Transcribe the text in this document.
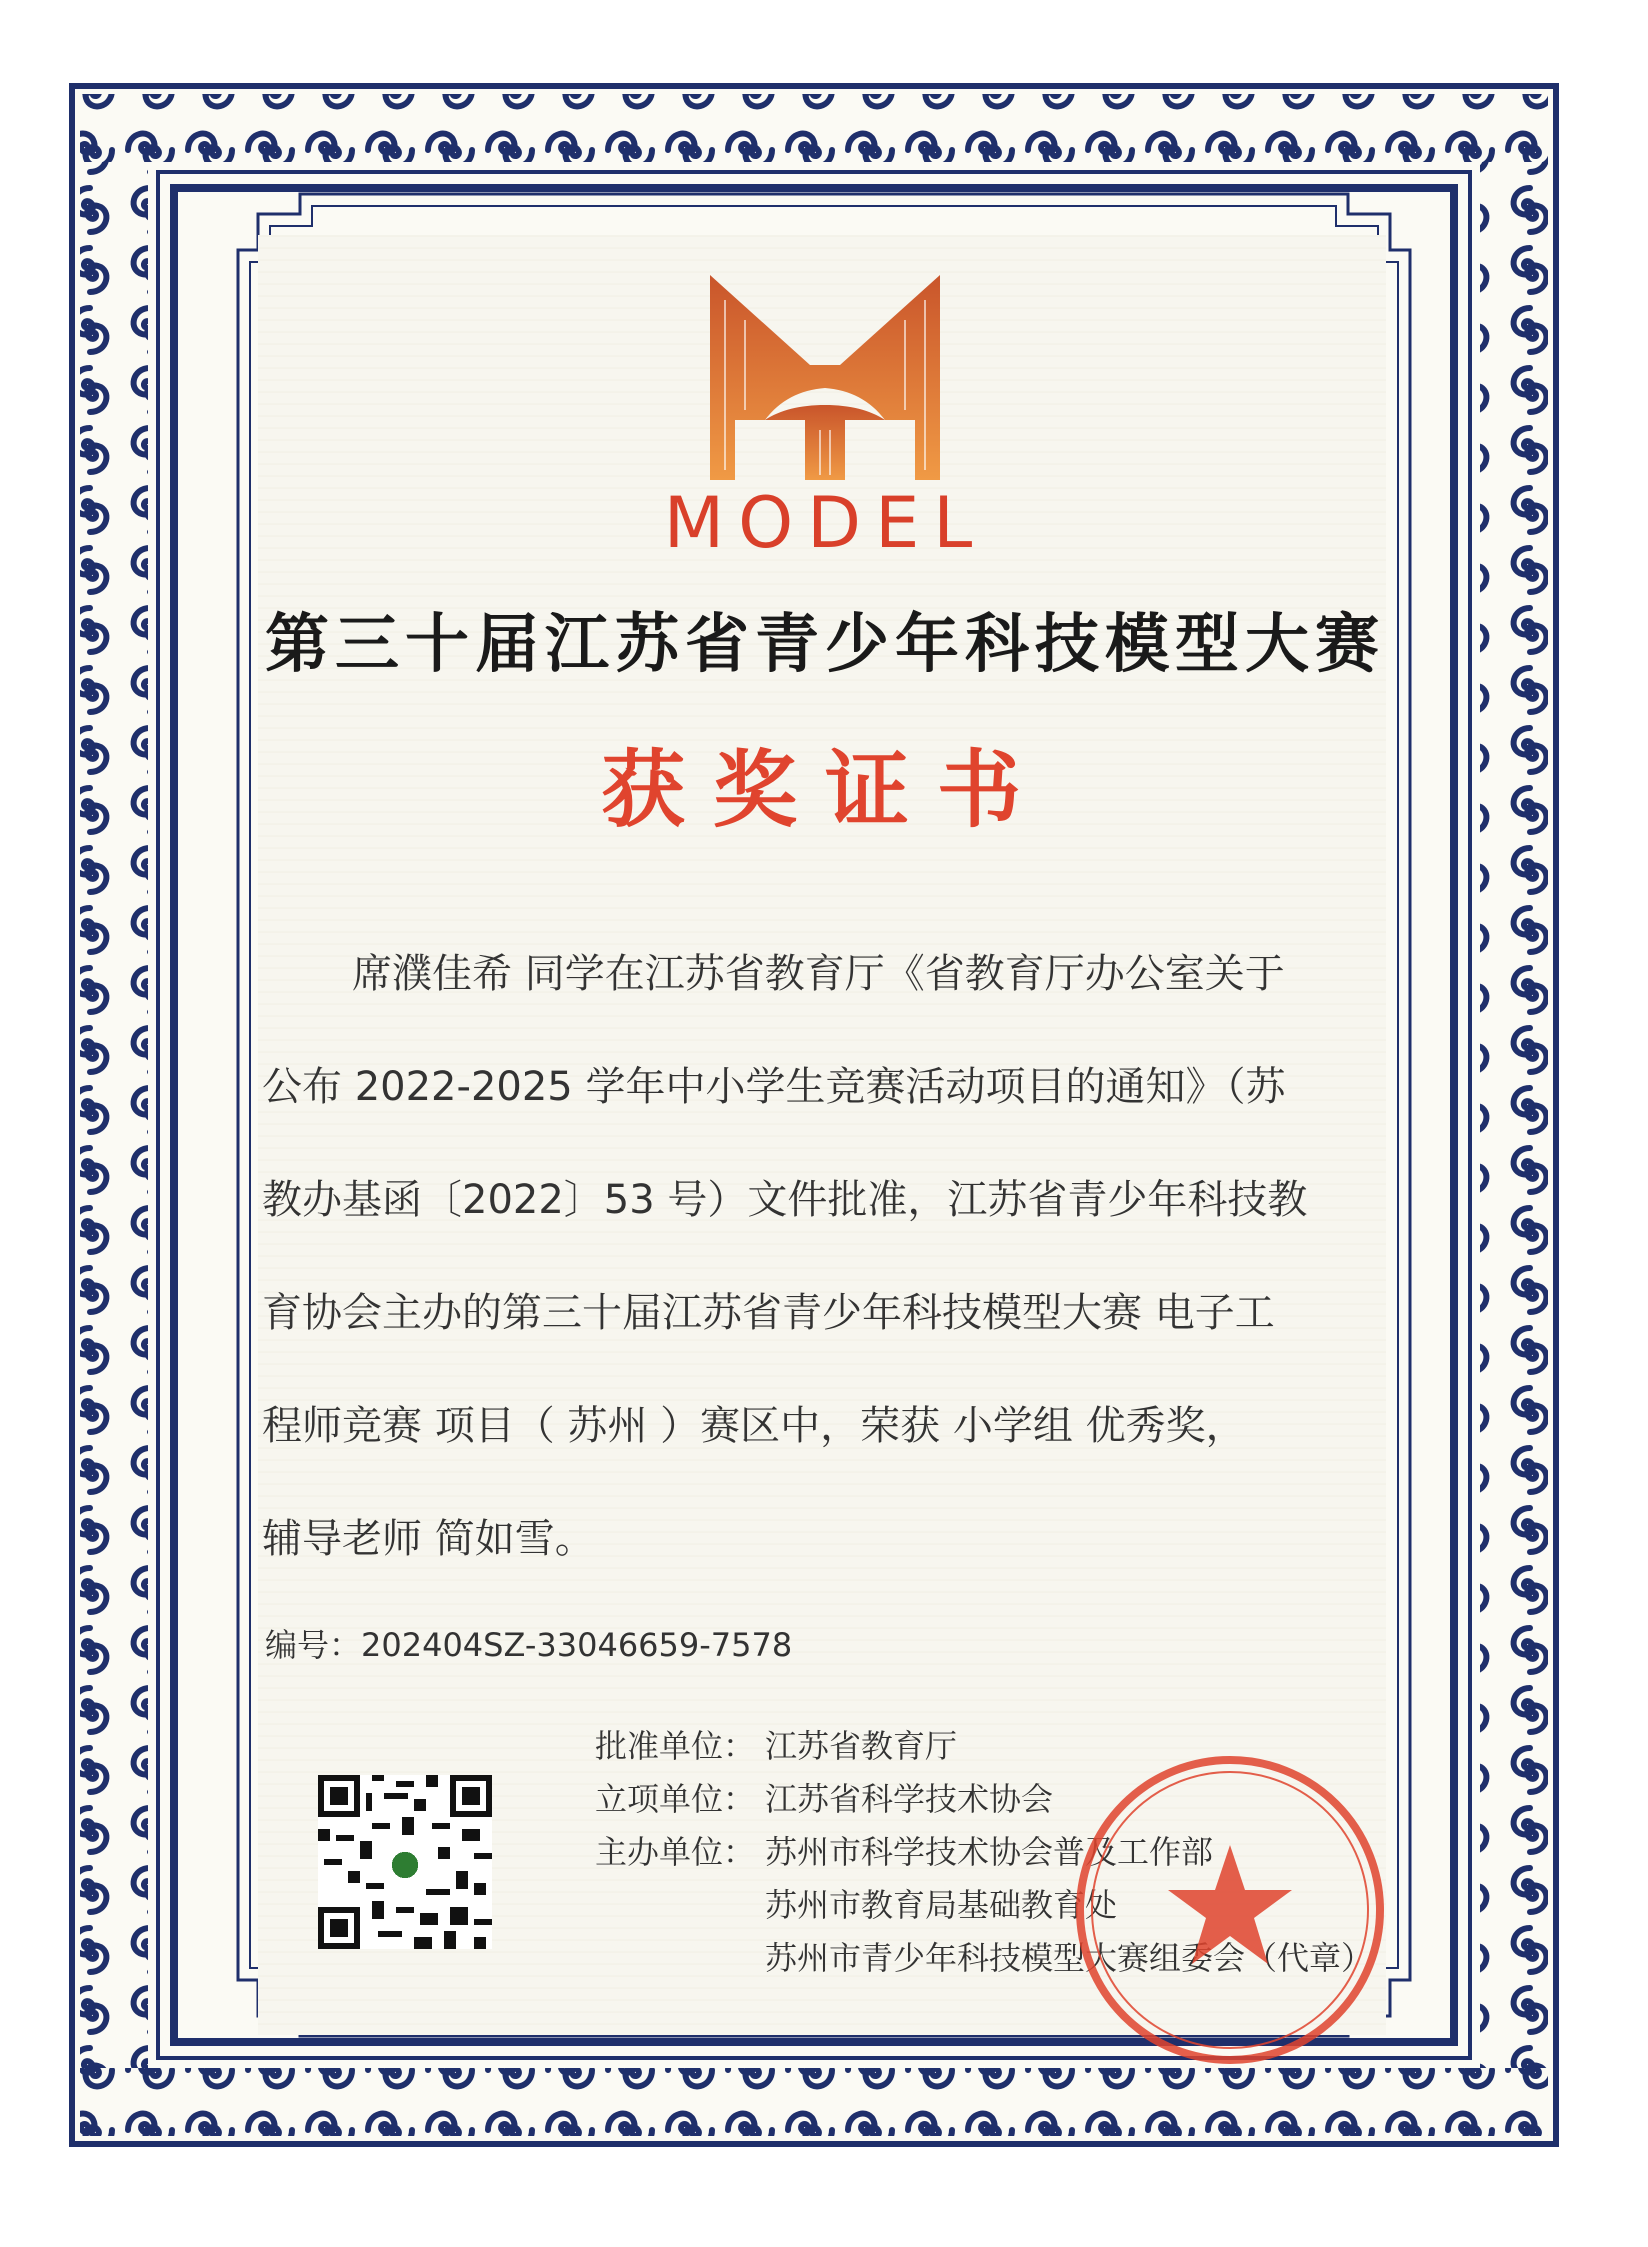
MODEL
第三十届江苏省青少年科技模型大赛
获奖证书

席濮佳希 同学在江苏省教育厅《省教育厅办公室关于

公布 2022-2025 学年中小学生竞赛活动项目的通知》（苏

教办基函〔2022〕53 号）文件批准，江苏省青少年科技教

育协会主办的第三十届江苏省青少年科技模型大赛 电子工

程师竞赛 项目（ 苏州 ）赛区中，荣获 小学组 优秀奖，

辅导老师 简如雪。

编号：202404SZ-33046659-7578
批准单位： 江苏省教育厅
立项单位： 江苏省科学技术协会
主办单位： 苏州市科学技术协会普及工作部
苏州市教育局基础教育处
苏州市青少年科技模型大赛组委会（代章）
